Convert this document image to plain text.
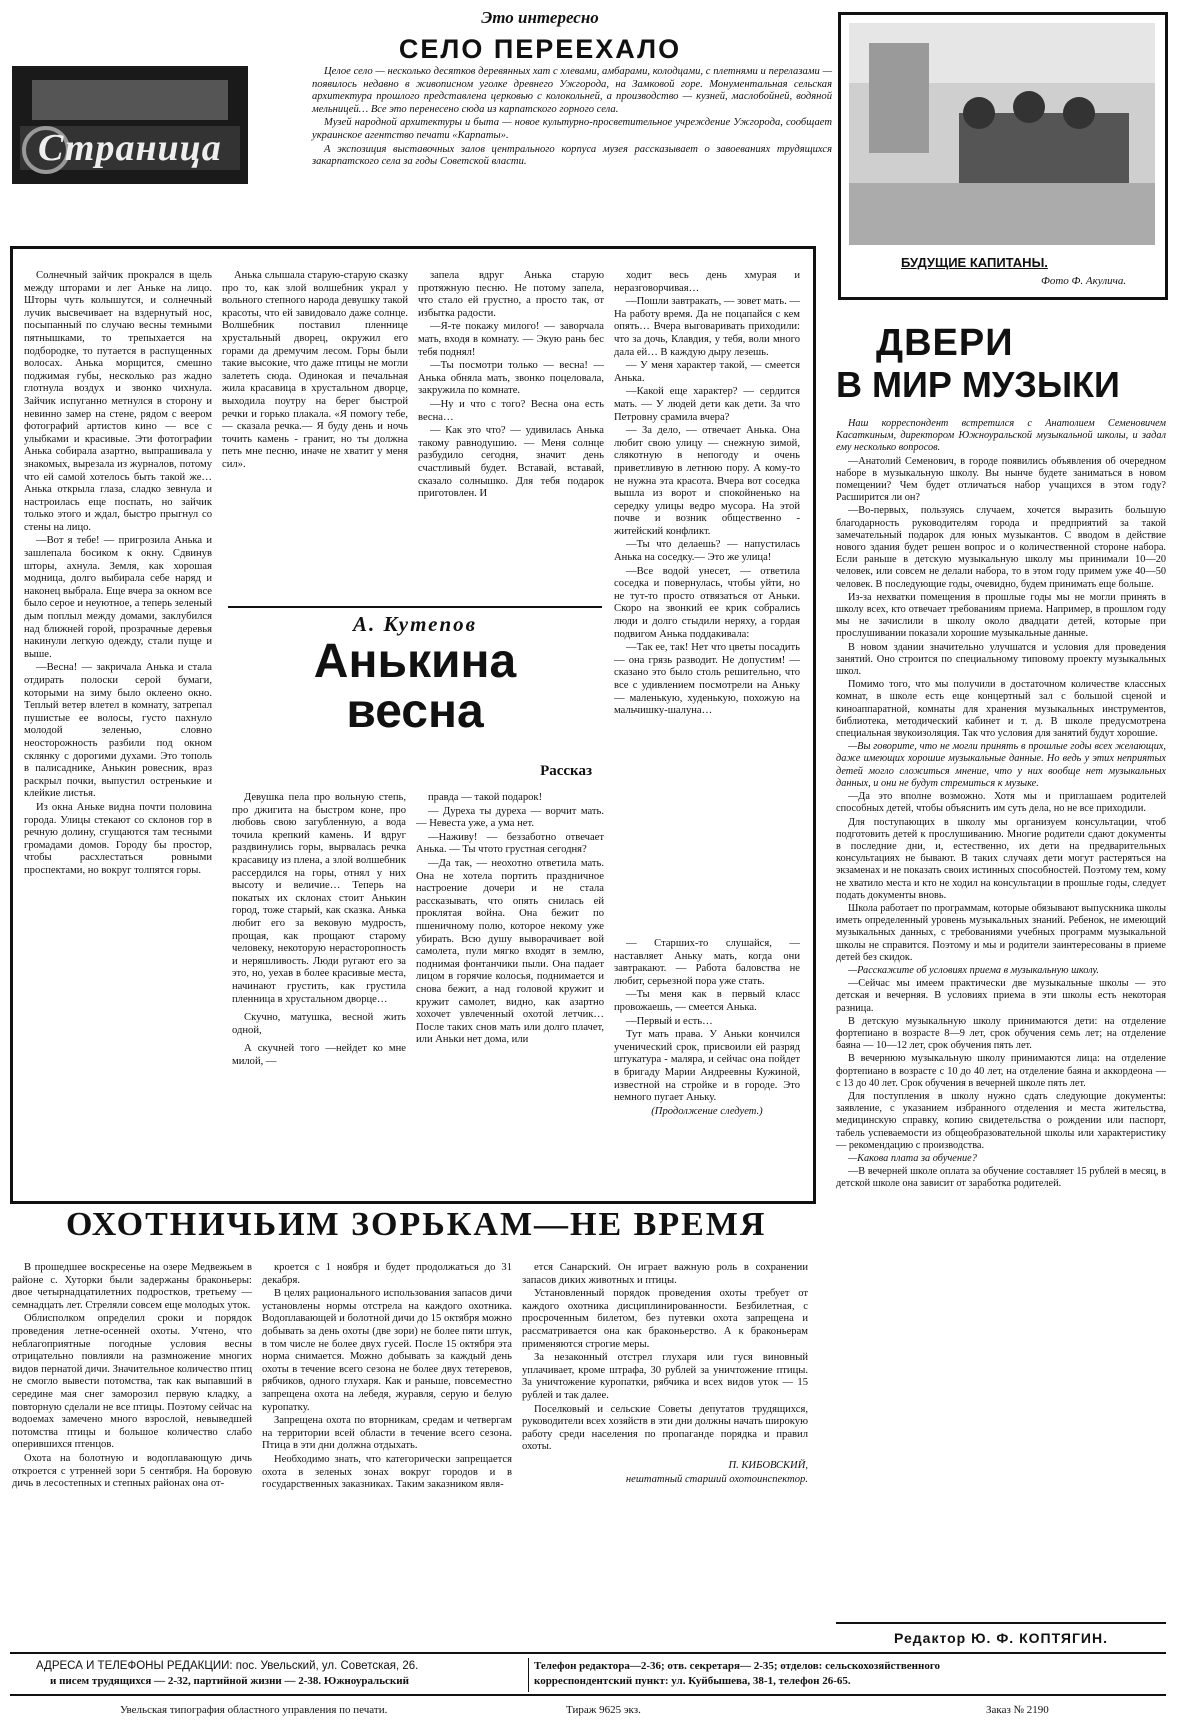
Страница
Это интересно
СЕЛО ПЕРЕЕХАЛО

Целое село — несколько десятков деревянных хат с хлевами, амбарами, колодцами, с плетнями и перелазами — появилось недавно в живописном уголке древнего Ужгорода, на Замковой горе. Монументальная сельская архитектура прошлого представлена церковью с колокольней, а производство — кузней, маслобойней, водяной мельницей… Все это перенесено сюда из карпатского горного села.

Музей народной архитектуры и быта — новое культурно-просветительное учреждение Ужгорода, сообщает украинское агентство печати «Карпаты».

А экспозиция выставочных залов центрального корпуса музея рассказывает о завоеваниях трудящихся закарпатского села за годы Советской власти.

БУДУЩИЕ КАПИТАНЫ.
Фото Ф. Акулича.

Солнечный зайчик прокрался в щель между шторами и лег Аньке на лицо. Шторы чуть колышутся, и солнечный лучик высвечивает на вздернутый нос, посыпанный по случаю весны темными пятнышками, то трепыхается на подбородке, то путается в распущенных волосах. Анька морщится, смешно поджимая губы, несколько раз жадно глотнула воздух и звонко чихнула. Зайчик испуганно метнулся в сторону и невинно замер на стене, рядом с веером фотографий артистов кино — все с улыбками и красивые. Эти фотографии Анька собирала азартно, выпрашивала у знакомых, вырезала из журналов, потому что ей самой хотелось быть такой же… Анька открыла глаза, сладко зевнула и настроилась еще поспать, но зайчик только этого и ждал, быстро прыгнул со стены на лицо.

—Вот я тебе! — пригрозила Анька и зашлепала босиком к окну. Сдвинув шторы, ахнула. Земля, как хорошая модница, долго выбирала себе наряд и наконец выбрала. Еще вчера за окном все было серое и неуютное, а теперь зеленый дым поплыл между домами, заклубился над ближней горой, прозрачные деревья накинули легкую одежду, стали пуще и выше.

—Весна! — закричала Анька и стала отдирать полоски серой бумаги, которыми на зиму было оклеено окно. Теплый ветер влетел в комнату, затрепал пушистые ее волосы, густо пахнуло молодой зеленью, словно неосторожность разбили под окном склянку с дорогими духами. Это тополь в палисаднике, Анькин ровесник, враз раскрыл почки, выпустил остренькие и клейкие листья.

Из окна Аньке видна почти половина города. Улицы стекают со склонов гор в речную долину, сгущаются там тесными громадами домов. Городу бы простор, чтобы расхлестаться ровными проспектами, но вокруг толпятся горы.

Анька слышала старую-старую сказку про то, как злой волшебник украл у вольного степного народа девушку такой красоты, что ей завидовало даже солнце. Волшебник поставил пленнице хрустальный дворец, окружил его горами да дремучим лесом. Горы были такие высокие, что даже птицы не могли залететь сюда. Одинокая и печальная жила красавица в хрустальном дворце, выходила поутру на берег быстрой речки и горько плакала. «Я помогу тебе, — сказала речка.— Я буду день и ночь точить камень - гранит, но ты должна петь мне песню, иначе не хватит у меня сил».

запела вдруг Анька старую протяжную песню. Не потому запела, что стало ей грустно, а просто так, от избытка радости.

—Я-те покажу милого! — заворчала мать, входя в комнату. — Экую рань бес тебя поднял!

—Ты посмотри только — весна! — Анька обняла мать, звонко поцеловала, закружила по комнате.

—Ну и что с того? Весна она есть весна…

— Как это что? — удивилась Анька такому равнодушию. — Меня солнце разбудило сегодня, значит день счастливый будет. Вставай, вставай, сказало солнышко. Для тебя подарок приготовлен. И

ходит весь день хмурая и неразговорчивая…

—Пошли завтракать, — зовет мать. — На работу время. Да не поцапайся с кем опять… Вчера выговаривать приходили: что за дочь, Клавдия, у тебя, воли много дала ей… В каждую дыру лезешь.

— У меня характер такой, — смеется Анька.

—Какой еще характер? — сердится мать. — У людей дети как дети. За что Петровну срамила вчера?

— За дело, — отвечает Анька. Она любит свою улицу — снежную зимой, слякотную в непогоду и очень приветливую в летнюю пору. А кому-то не нужна эта красота. Вчера вот соседка вышла из ворот и спокойненько на середку улицы ведро мусора. На этой почве и возник общественно - житейский конфликт.

—Ты что делаешь? — напустилась Анька на соседку.— Это же улица!

—Все водой унесет, — ответила соседка и повернулась, чтобы уйти, но не тут-то просто отвязаться от Аньки. Скоро на звонкий ее крик собрались люди и долго стыдили неряху, а гордая подвигом Анька поддакивала:

—Так ее, так! Нет что цветы посадить — она грязь разводит. Не допустим! — сказано это было столь решительно, что все с удивлением посмотрели на Аньку — маленькую, худенькую, похожую на мальчишку-шалуна…

А. Кутепов
Анькина
весна
Рассказ

Девушка пела про вольную степь, про джигита на быстром коне, про любовь свою загубленную, а вода точила крепкий камень. И вдруг раздвинулись горы, вырвалась речка красавицу из плена, а злой волшебник рассердился на горы, отнял у них высоту и величие… Теперь на покатых их склонах стоит Анькин город, тоже старый, как сказка. Анька любит его за вековую мудрость, прощая, как прощают старому человеку, некоторую нерасторопность и неряшливость. Люди ругают его за это, но, уехав в более красивые места, начинают грустить, как грустила пленница в хрустальном дворце…

Скучно, матушка, весной жить одной,

А скучней того —нейдет ко мне милой, —

правда — такой подарок!

— Дуреха ты дуреха — ворчит мать. — Невеста уже, а ума нет.

—Наживу! — беззаботно отвечает Анька. — Ты чтото грустная сегодня?

—Да так, — неохотно ответила мать. Она не хотела портить праздничное настроение дочери и не стала рассказывать, что опять снилась ей проклятая война. Она бежит по пшеничному полю, которое некому уже убирать. Всю душу выворачивает вой самолета, пули мягко входят в землю, поднимая фонтанчики пыли. Она падает лицом в горячие колосья, поднимается и снова бежит, а над головой кружит и кружит самолет, видно, как азартно хохочет увлеченный охотой летчик… После таких снов мать или долго плачет, или Аньки нет дома, или

— Старших-то слушайся, — наставляет Аньку мать, когда они завтракают. — Работа баловства не любит, серьезной пора уже стать.

—Ты меня как в первый класс провожаешь, — смеется Анька.

—Первый и есть…

Тут мать права. У Аньки кончился ученический срок, присвоили ей разряд штукатура - маляра, и сейчас она пойдет в бригаду Марии Андреевны Кужиной, известной на стройке и в городе. Это немного пугает Аньку.

(Продолжение следует.)

ДВЕРИ
В МИР МУЗЫКИ

Наш корреспондент встретился с Анатолием Семеновичем Касаткиным, директором Южноуральской музыкальной школы, и задал ему несколько вопросов.

—Анатолий Семенович, в городе появились объявления об очередном наборе в музыкальную школу. Вы нынче будете заниматься в новом помещении? Чем будет отличаться набор учащихся в этом году? Расширится ли он?

—Во-первых, пользуясь случаем, хочется выразить большую благодарность руководителям города и предприятий за такой замечательный подарок для юных музыкантов. С вводом в действие нового здания будет решен вопрос и о количественной стороне набора. Если раньше в детскую музыкальную школу мы принимали 10—20 человек, или совсем не делали набора, то в этом году примем уже 40—50 человек. В последующие годы, очевидно, будем принимать еще больше.

Из-за нехватки помещения в прошлые годы мы не могли принять в школу всех, кто отвечает требованиям приема. Например, в прошлом году мы не зачислили в школу около двадцати детей, которые при прослушивании показали хорошие музыкальные данные.

В новом здании значительно улучшатся и условия для проведения занятий. Оно строится по специальному типовому проекту музыкальных школ.

Помимо того, что мы получили в достаточном количестве классных комнат, в школе есть еще концертный зал с большой сценой и киноаппаратной, комнаты для хранения музыкальных инструментов, библиотека, методический кабинет и т. д. В школе предусмотрена специальная звукоизоляция. Так что условия для занятий будут хорошие.

—Вы говорите, что не могли принять в прошлые годы всех желающих, даже имеющих хорошие музыкальные данные. Но ведь у этих неприятых детей могло сложиться мнение, что у них вообще нет музыкальных данных, и они не будут стремиться к музыке.

—Да это вполне возможно. Хотя мы и приглашаем родителей способных детей, чтобы объяснить им суть дела, но не все приходили.

Для поступающих в школу мы организуем консультации, чтоб подготовить детей к прослушиванию. Многие родители сдают документы в последние дни, и, естественно, их дети на предварительных консультациях не бывают. В таких случаях дети могут растеряться на экзаменах и не показать своих истинных способностей. Поэтому тем, кому не хватило места и кто не ходил на консультации в прошлые годы, следует подать документы вновь.

Школа работает по программам, которые обязывают выпускника школы иметь определенный уровень музыкальных знаний. Ребенок, не имеющий музыкальных данных, с требованиями учебных программ музыкальной школы не справится. Поэтому и мы и родители заинтересованы в приеме детей без скидок.

—Расскажите об условиях приема в музыкальную школу.

—Сейчас мы имеем практически две музыкальные школы — это детская и вечерняя. В условиях приема в эти школы есть некоторая разница.

В детскую музыкальную школу принимаются дети: на отделение фортепиано в возрасте 8—9 лет, срок обучения семь лет; на отделение баяна — 10—12 лет, срок обучения пять лет.

В вечернюю музыкальную школу принимаются лица: на отделение фортепиано в возрасте с 10 до 40 лет, на отделение баяна и аккордеона — с 13 до 40 лет. Срок обучения в вечерней школе пять лет.

Для поступления в школу нужно сдать следующие документы: заявление, с указанием избранного отделения и места жительства, медицинскую справку, копию свидетельства о рождении или паспорт, табель успеваемости из общеобразовательной школы или характеристику — рекомендацию с производства.

—Какова плата за обучение?

—В вечерней школе оплата за обучение составляет 15 рублей в месяц, в детской школе она зависит от заработка родителей.

Редактор Ю. Ф. КОПТЯГИН.
ОХОТНИЧЬИМ ЗОРЬКАМ—НЕ ВРЕМЯ

В прошедшее воскресенье на озере Медвежьем в районе с. Хуторки были задержаны браконьеры: двое четырнадцатилетних подростков, третьему — семнадцать лет. Стреляли совсем еще молодых уток.

Облисполком определил сроки и порядок проведения летне-осенней охоты. Учтено, что неблагоприятные погодные условия весны отрицательно повлияли на размножение многих видов пернатой дичи. Значительное количество птиц не смогло вывести потомства, так как выпавший в середине мая снег заморозил первую кладку, а повторную сделали не все птицы. Поэтому сейчас на водоемах замечено много взрослой, невыведшей потомства птицы и большое количество слабо оперившихся птенцов.

Охота на болотную и водоплавающую дичь откроется с утренней зори 5 сентября. На боровую дичь в лесостепных и степных районах она от-

кроется с 1 ноября и будет продолжаться до 31 декабря.

В целях рационального использования запасов дичи установлены нормы отстрела на каждого охотника. Водоплавающей и болотной дичи до 15 октября можно добывать за день охоты (две зори) не более пяти штук, в том числе не более двух гусей. После 15 октября эта норма снимается. Можно добывать за каждый день охоты в течение всего сезона не более двух тетеревов, рябчиков, одного глухаря. Как и раньше, повсеместно запрещена охота на лебедя, журавля, серую и белую куропатку.

Запрещена охота по вторникам, средам и четвергам на территории всей области в течение всего сезона. Птица в эти дни должна отдыхать.

Необходимо знать, что категорически запрещается охота в зеленых зонах вокруг городов и в государственных заказниках. Таким заказником явля-

ется Санарский. Он играет важную роль в сохранении запасов диких животных и птицы.

Установленный порядок проведения охоты требует от каждого охотника дисциплинированности. Безбилетная, с просроченным билетом, без путевки охота запрещена и рассматривается она как браконьерство. А к браконьерам применяются строгие меры.

За незаконный отстрел глухаря или гуся виновный уплачивает, кроме штрафа, 30 рублей за уничтожение птицы. За уничтожение куропатки, рябчика и всех видов уток — 15 рублей и так далее.

Поселковый и сельские Советы депутатов трудящихся, руководители всех хозяйств в эти дни должны начать широкую работу среди населения по пропаганде порядка и правил охоты.

П. КИБОВСКИЙ,

нештатный старший охотоинспектор.

АДРЕСА И ТЕЛЕФОНЫ РЕДАКЦИИ: пос. Увельский, ул. Советская, 26.
и писем трудящихся — 2-32, партийной жизни — 2-38. Южноуральский
Телефон редактора—2-36; отв. секретаря— 2-35; отделов: сельскохозяйственного
корреспондентский пункт: ул. Куйбышева, 38-1, телефон 26-65.
Увельская типография областного управления по печати.	Тираж 9625 экз.	Заказ № 2190
